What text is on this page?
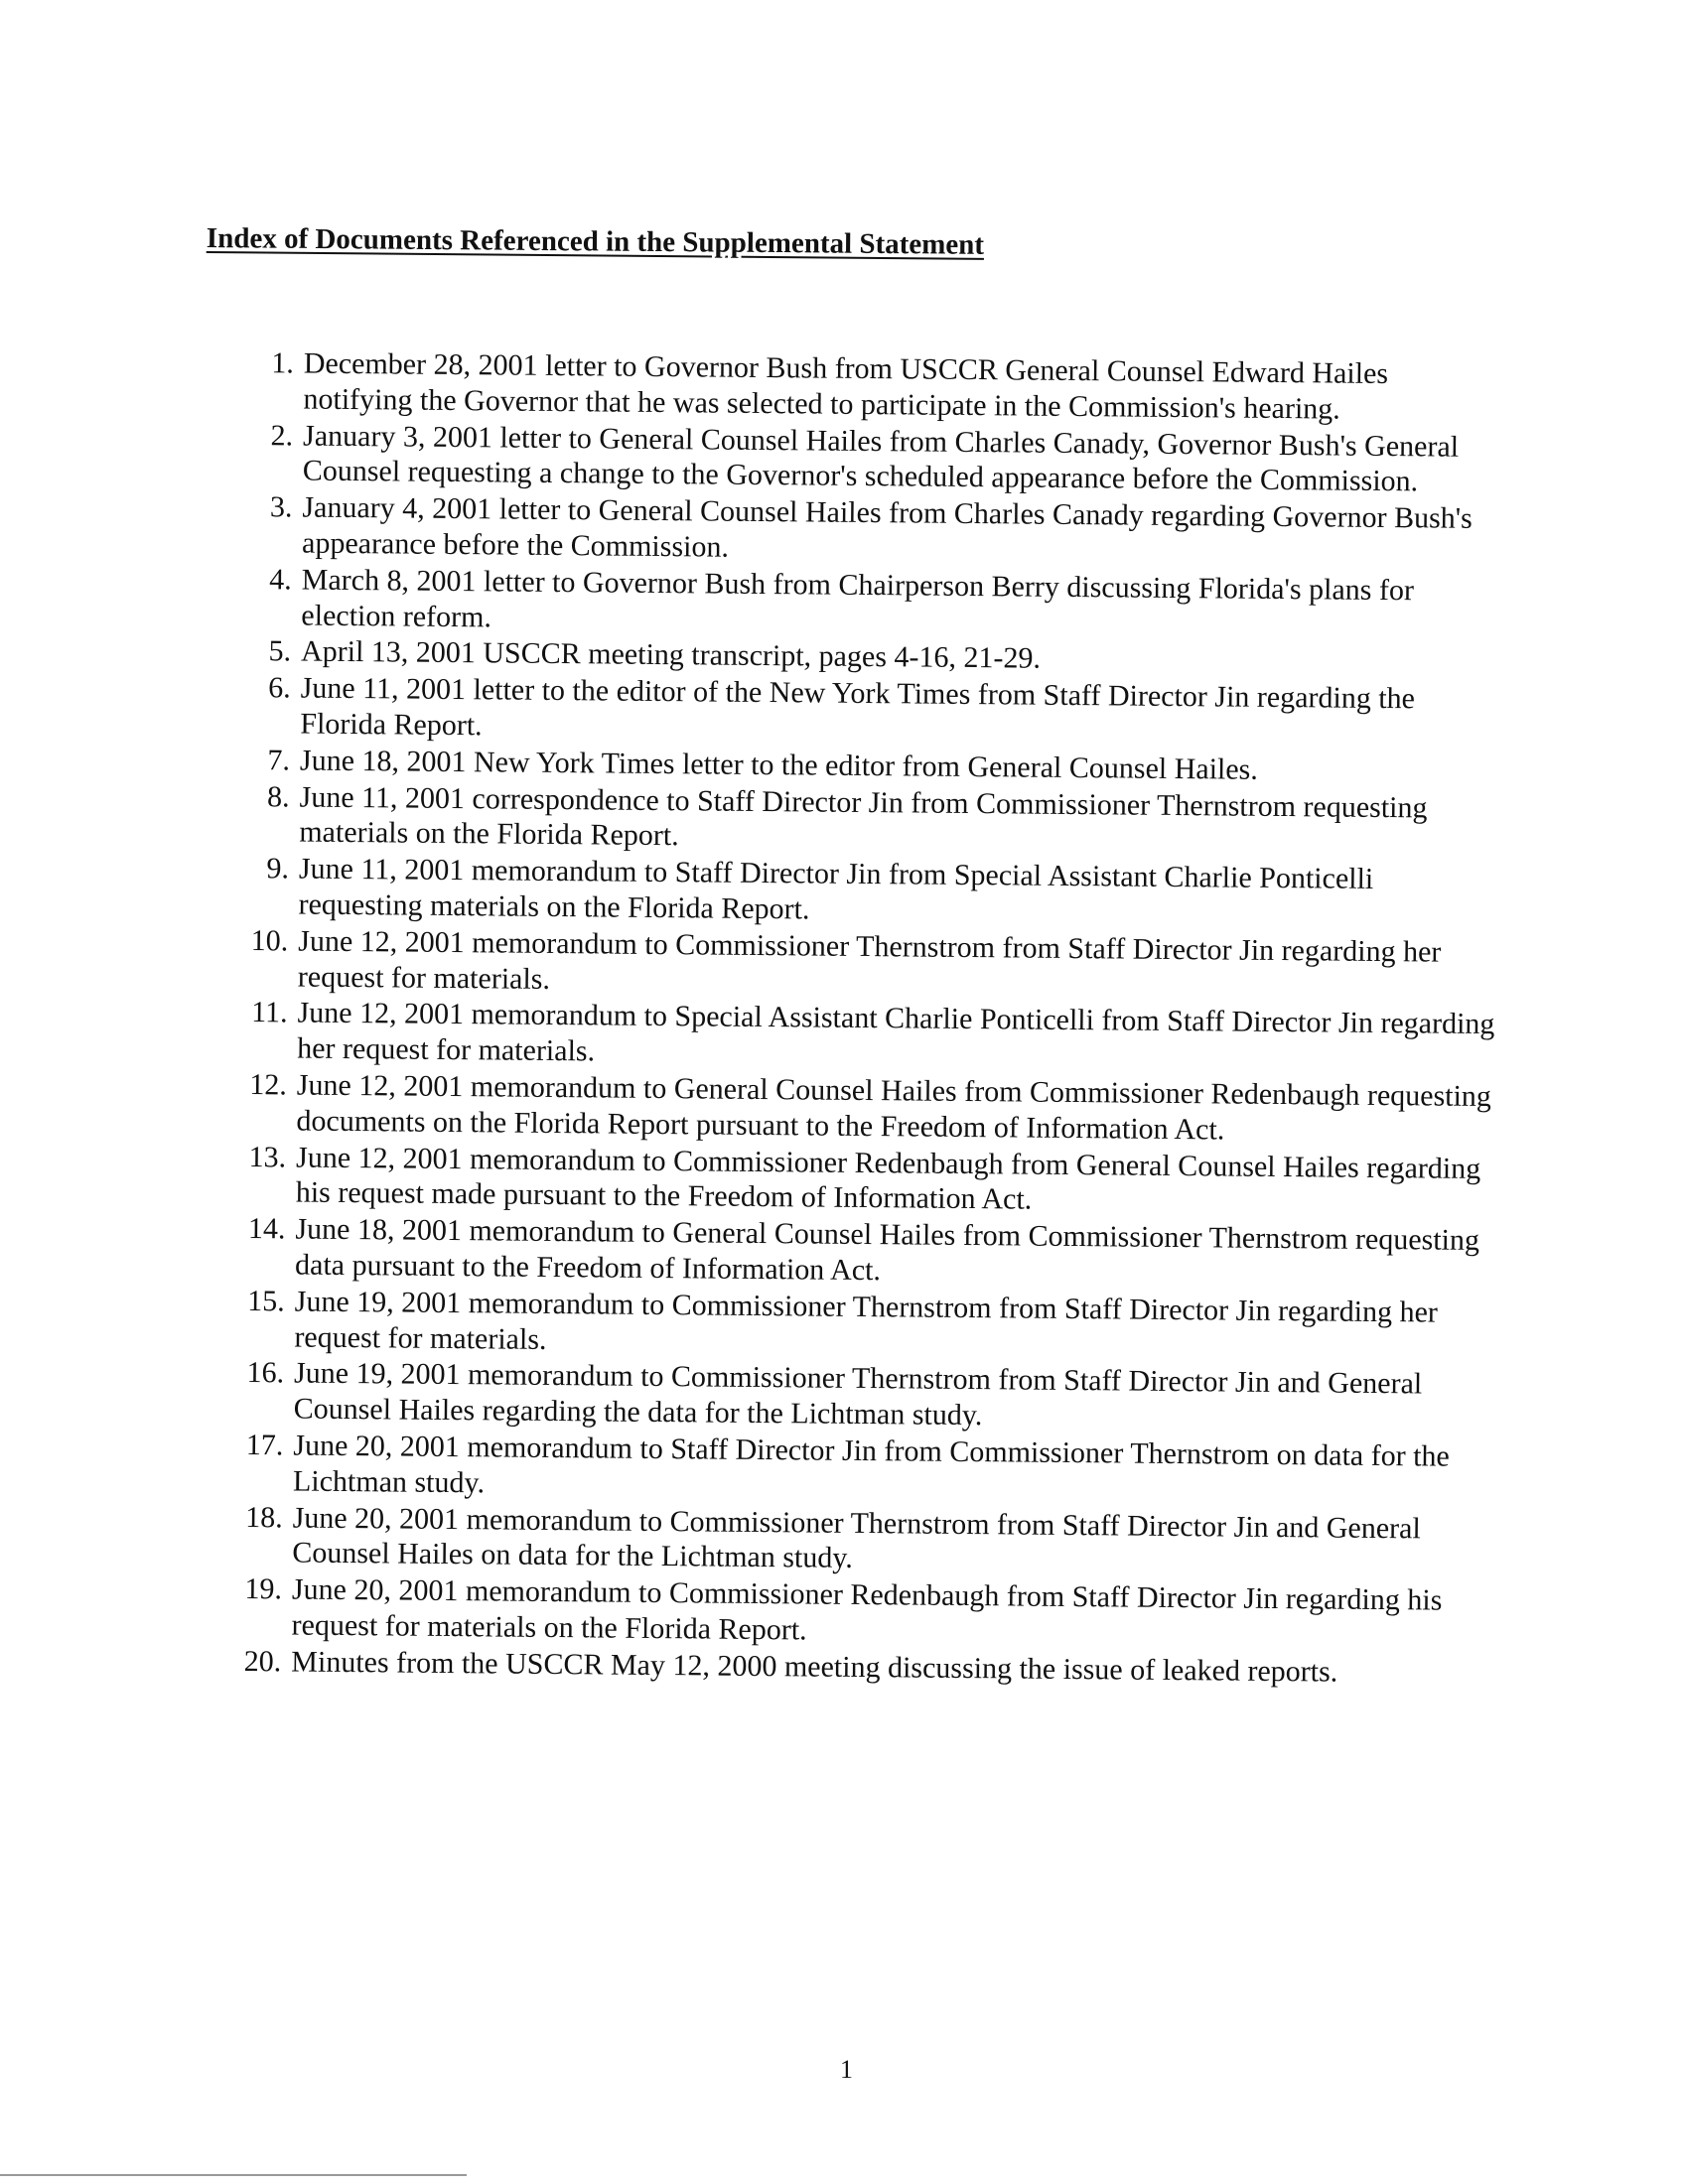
Index of Documents Referenced in the Supplemental Statement
1. December 28, 2001 letter to Governor Bush from USCCR General Counsel Edward Hailes notifying the Governor that he was selected to participate in the Commission's hearing.
2. January 3, 2001 letter to General Counsel Hailes from Charles Canady, Governor Bush's General Counsel requesting a change to the Governor's scheduled appearance before the Commission.
3. January 4, 2001 letter to General Counsel Hailes from Charles Canady regarding Governor Bush's appearance before the Commission.
4. March 8, 2001 letter to Governor Bush from Chairperson Berry discussing Florida's plans for election reform.
5. April 13, 2001 USCCR meeting transcript, pages 4-16, 21-29.
6. June 11, 2001 letter to the editor of the New York Times from Staff Director Jin regarding the Florida Report.
7. June 18, 2001 New York Times letter to the editor from General Counsel Hailes.
8. June 11, 2001 correspondence to Staff Director Jin from Commissioner Thernstrom requesting materials on the Florida Report.
9. June 11, 2001 memorandum to Staff Director Jin from Special Assistant Charlie Ponticelli requesting materials on the Florida Report.
10. June 12, 2001 memorandum to Commissioner Thernstrom from Staff Director Jin regarding her request for materials.
11. June 12, 2001 memorandum to Special Assistant Charlie Ponticelli from Staff Director Jin regarding her request for materials.
12. June 12, 2001 memorandum to General Counsel Hailes from Commissioner Redenbaugh requesting documents on the Florida Report pursuant to the Freedom of Information Act.
13. June 12, 2001 memorandum to Commissioner Redenbaugh from General Counsel Hailes regarding his request made pursuant to the Freedom of Information Act.
14. June 18, 2001 memorandum to General Counsel Hailes from Commissioner Thernstrom requesting data pursuant to the Freedom of Information Act.
15. June 19, 2001 memorandum to Commissioner Thernstrom from Staff Director Jin regarding her request for materials.
16. June 19, 2001 memorandum to Commissioner Thernstrom from Staff Director Jin and General Counsel Hailes regarding the data for the Lichtman study.
17. June 20, 2001 memorandum to Staff Director Jin from Commissioner Thernstrom on data for the Lichtman study.
18. June 20, 2001 memorandum to Commissioner Thernstrom from Staff Director Jin and General Counsel Hailes on data for the Lichtman study.
19. June 20, 2001 memorandum to Commissioner Redenbaugh from Staff Director Jin regarding his request for materials on the Florida Report.
20. Minutes from the USCCR May 12, 2000 meeting discussing the issue of leaked reports.
1
